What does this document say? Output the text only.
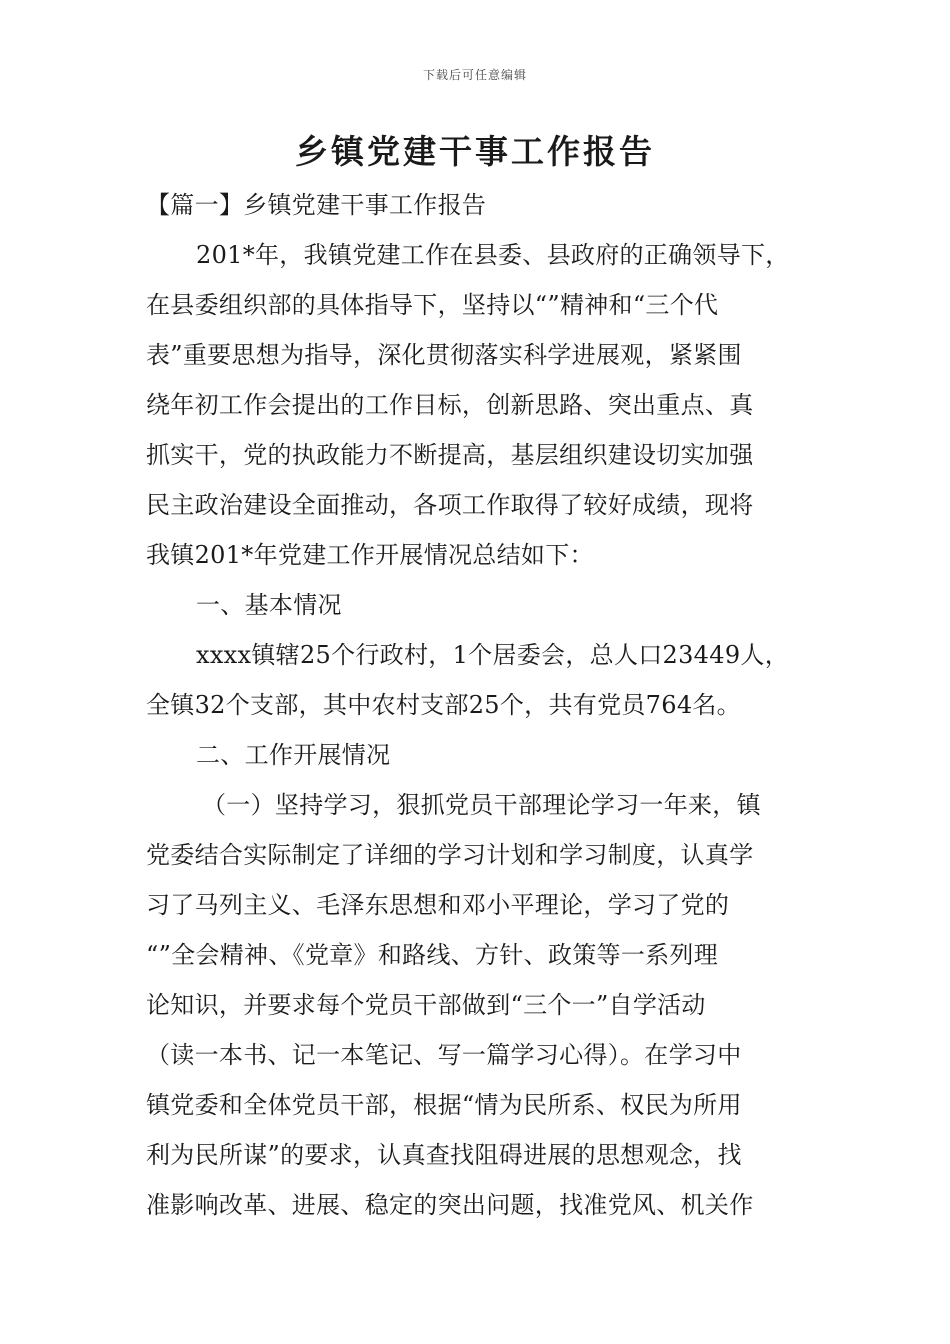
下载后可任意编辑
乡镇党建干事工作报告
【篇一】乡镇党建干事工作报告
201*年，我镇党建工作在县委、县政府的正确领导下，
在县委组织部的具体指导下，坚持以“”精神和“三个代
表”重要思想为指导，深化贯彻落实科学进展观，紧紧围
绕年初工作会提出的工作目标，创新思路、突出重点、真
抓实干，党的执政能力不断提高，基层组织建设切实加强
民主政治建设全面推动，各项工作取得了较好成绩，现将
我镇201*年党建工作开展情况总结如下：
一、基本情况
xxxx镇辖25个行政村，1个居委会，总人口23449人，
全镇32个支部，其中农村支部25个，共有党员764名。
二、工作开展情况
（一）坚持学习，狠抓党员干部理论学习一年来，镇
党委结合实际制定了详细的学习计划和学习制度，认真学
习了马列主义、毛泽东思想和邓小平理论，学习了党的
“”全会精神、《党章》和路线、方针、政策等一系列理
论知识，并要求每个党员干部做到“三个一”自学活动
（读一本书、记一本笔记、写一篇学习心得）。在学习中
镇党委和全体党员干部，根据“情为民所系、权民为所用
利为民所谋”的要求，认真查找阻碍进展的思想观念，找
准影响改革、进展、稳定的突出问题，找准党风、机关作
